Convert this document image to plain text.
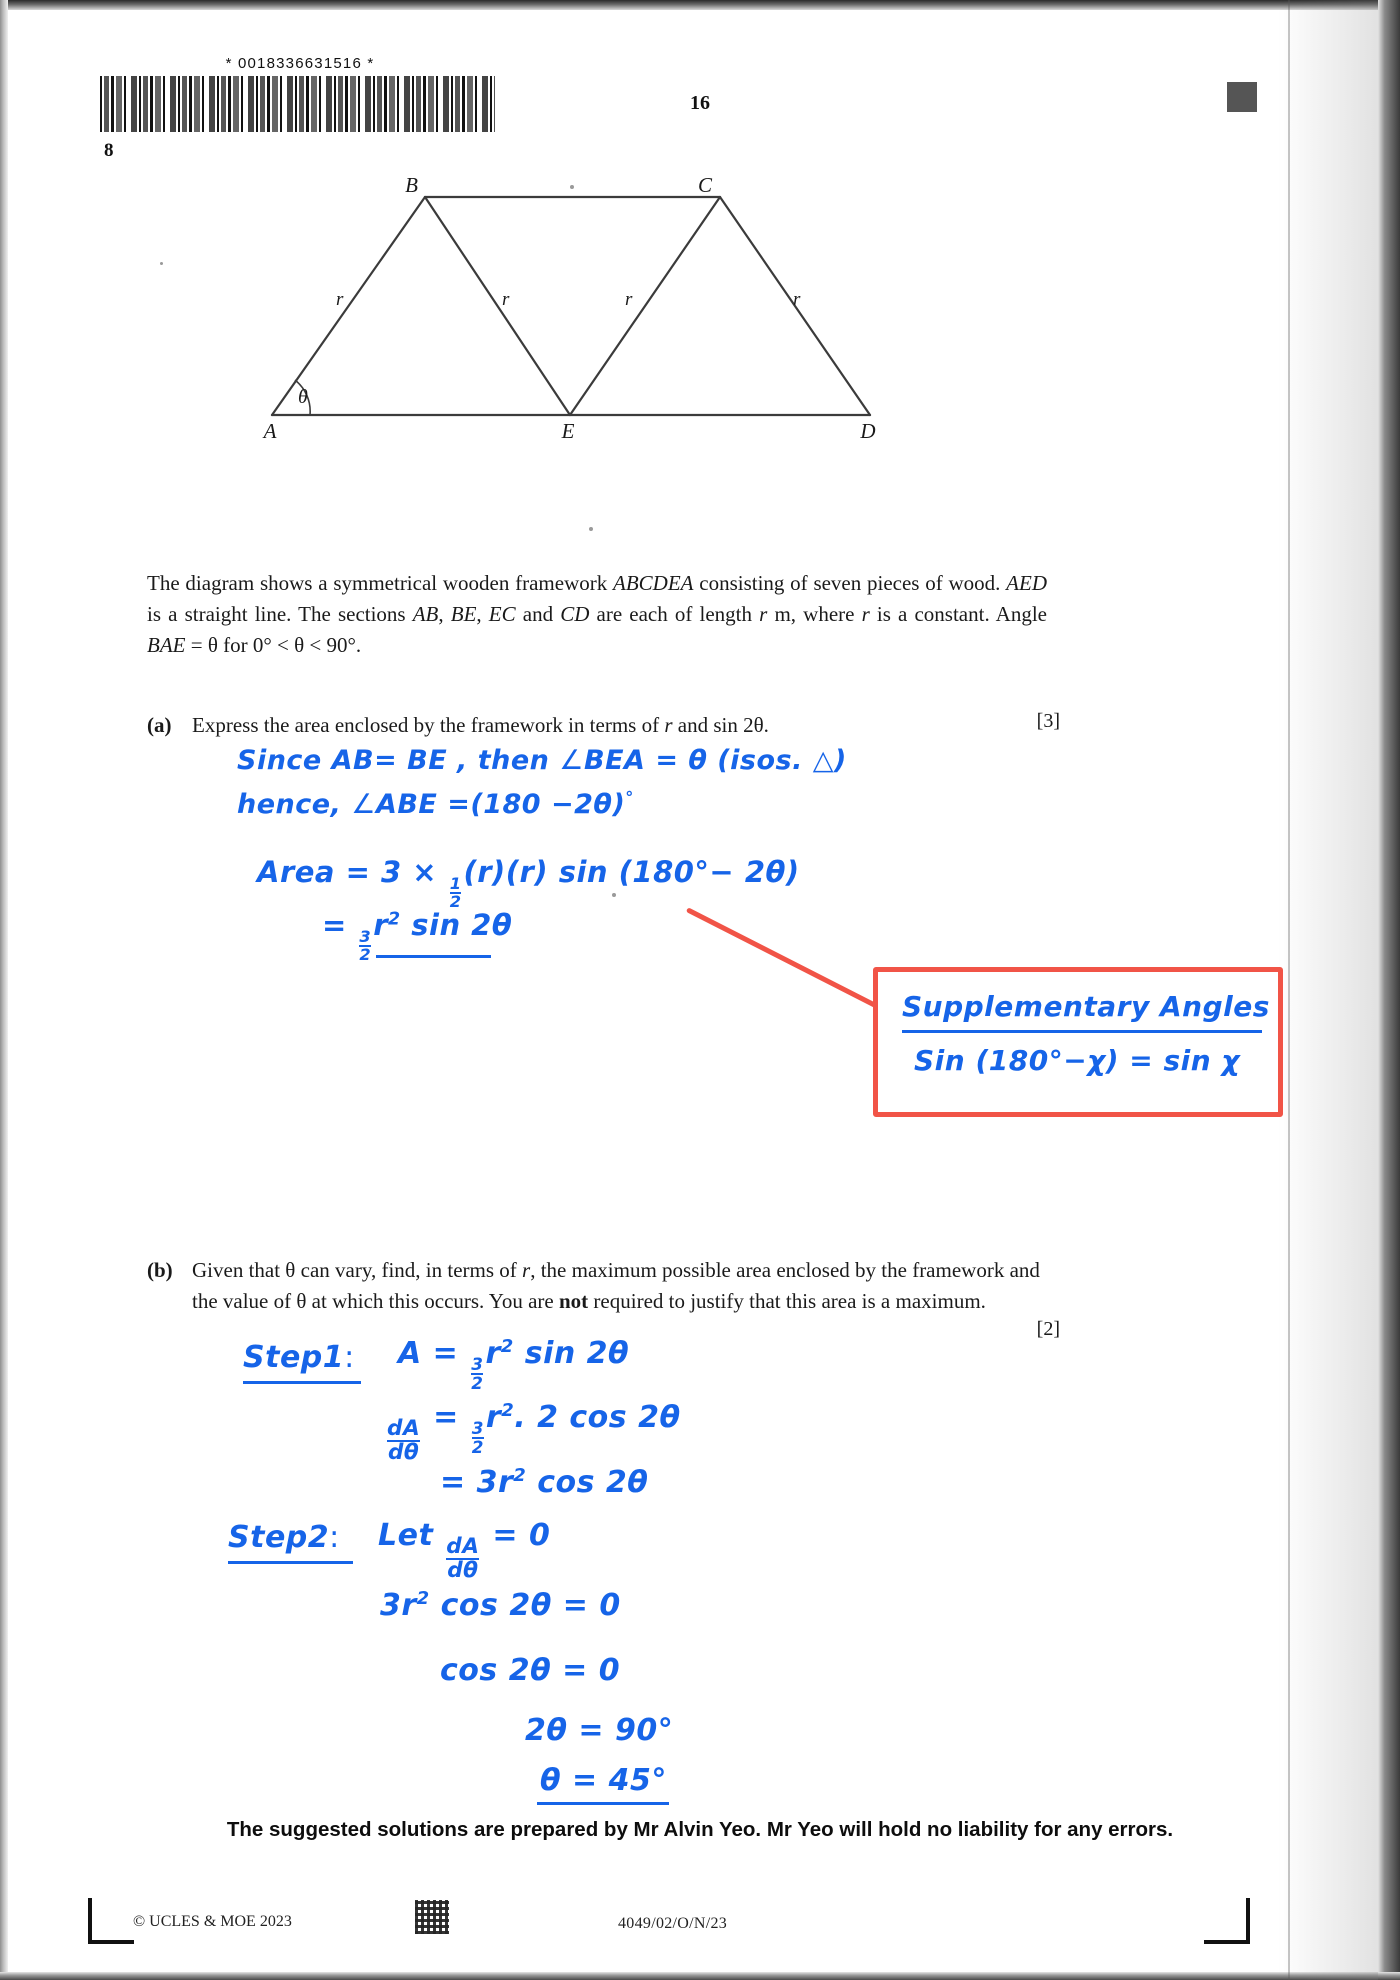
* 0018336631516 *
8
16
B	C
A	E	D
r	r	r	r
θ
The diagram shows a symmetrical wooden framework ABCDEA consisting of seven pieces of wood. AED is a straight line. The sections AB, BE, EC and CD are each of length r m, where r is a constant. Angle BAE = θ for 0° < θ < 90°.
(a) Express the area enclosed by the framework in terms of r and sin 2θ.	[3]
Since AB= BE , then ∠BEA = θ (isos. △)
hence, ∠ABE =(180 −2θ)°
Area = 3 ×
$\frac{1}{2}$
(r)(r) sin (180°− 2θ)
=
$\frac{3}{2}$
$r^2$ sin 2θ
Supplementary Angles
Sin (180°−χ) = sin χ
(b) Given that θ can vary, find, in terms of r, the maximum possible area enclosed by the framework and the value of θ at which this occurs. You are not required to justify that this area is a maximum.
[2]
Step1: A =
$\frac{3}{2}$
$r^2$ sin 2θ
$\frac{dA}{d\theta}$
=
$\frac{3}{2}$
$r^2$. 2 cos 2θ
= $3r^2$ cos 2θ
Step2: Let
$\frac{dA}{d\theta}$
= 0
$3r^2$ cos 2θ = 0
cos 2θ = 0
2θ = 90°
θ = 45°
The suggested solutions are prepared by Mr Alvin Yeo. Mr Yeo will hold no liability for any errors.
© UCLES & MOE 2023	4049/02/O/N/23
